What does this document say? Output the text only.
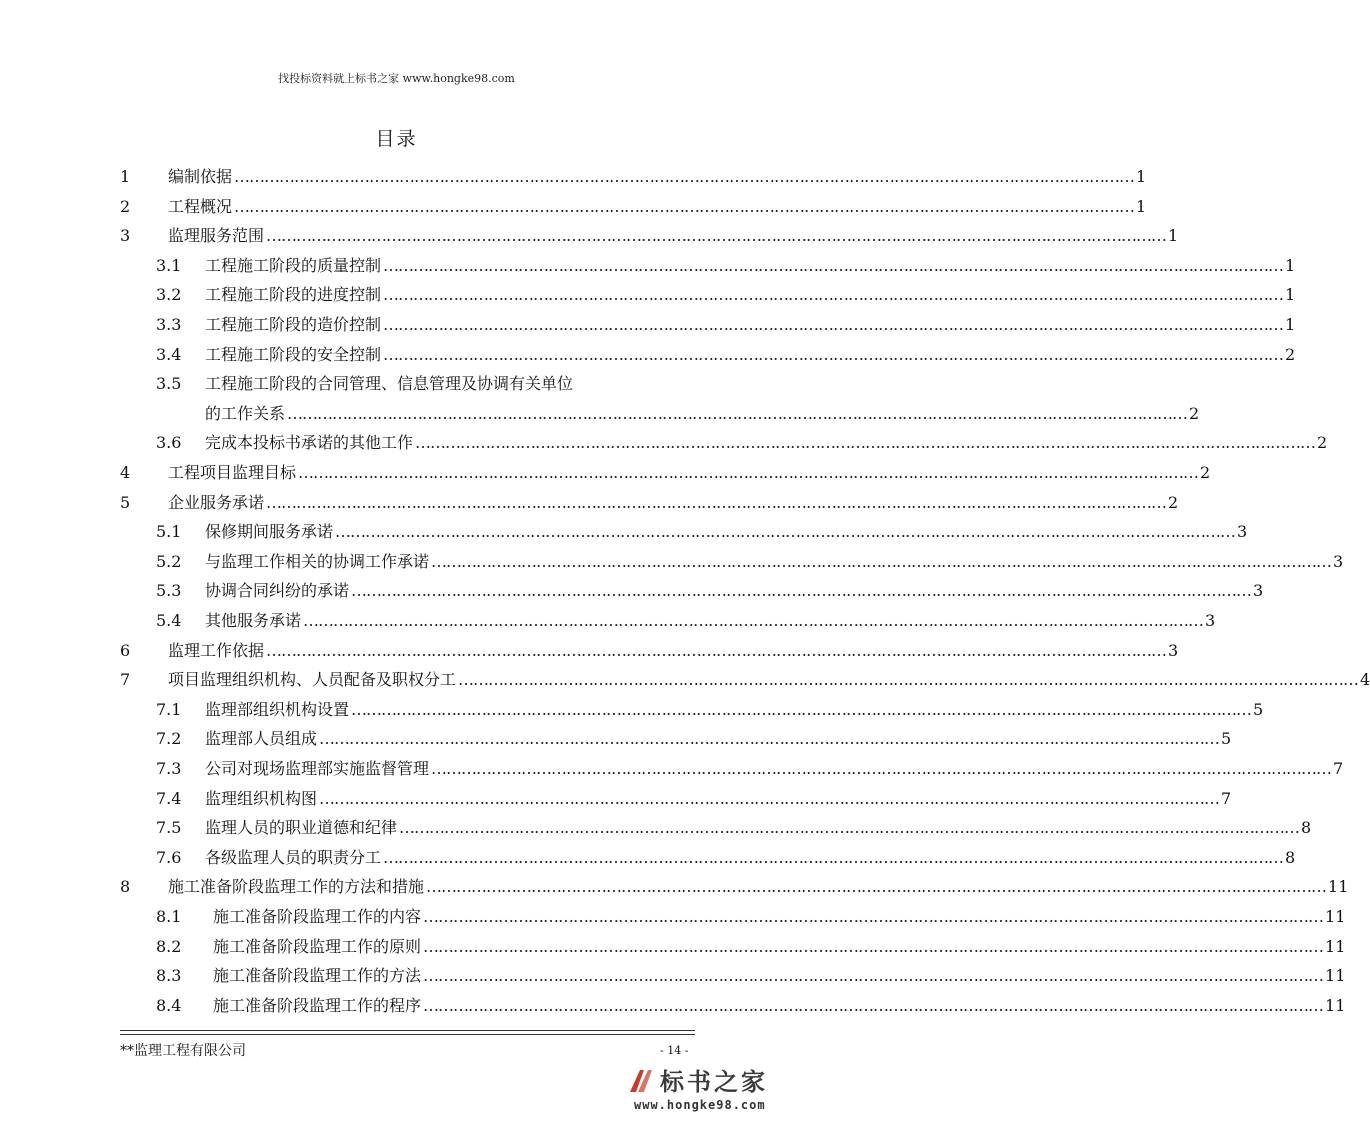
找投标资料就上标书之家 www.hongke98.com
目录
1 编制依据 ……………………………………………………………………………………………………………………………………………………………… 1
2 工程概况 ……………………………………………………………………………………………………………………………………………………………… 1
3 监理服务范围 ……………………………………………………………………………………………………………………………………………………………… 1
3.1 工程施工阶段的质量控制 ……………………………………………………………………………………………………………………………………………………………… 1
3.2 工程施工阶段的进度控制 ……………………………………………………………………………………………………………………………………………………………… 1
3.3 工程施工阶段的造价控制 ……………………………………………………………………………………………………………………………………………………………… 1
3.4 工程施工阶段的安全控制 ……………………………………………………………………………………………………………………………………………………………… 2
3.5 工程施工阶段的合同管理、信息管理及协调有关单位
的工作关系 ……………………………………………………………………………………………………………………………………………………………… 2
3.6 完成本投标书承诺的其他工作 ……………………………………………………………………………………………………………………………………………………………… 2
4 工程项目监理目标 ……………………………………………………………………………………………………………………………………………………………… 2
5 企业服务承诺 ……………………………………………………………………………………………………………………………………………………………… 2
5.1 保修期间服务承诺 ……………………………………………………………………………………………………………………………………………………………… 3
5.2 与监理工作相关的协调工作承诺 ……………………………………………………………………………………………………………………………………………………………… 3
5.3 协调合同纠纷的承诺 ……………………………………………………………………………………………………………………………………………………………… 3
5.4 其他服务承诺 ……………………………………………………………………………………………………………………………………………………………… 3
6 监理工作依据 ……………………………………………………………………………………………………………………………………………………………… 3
7 项目监理组织机构、人员配备及职权分工 ……………………………………………………………………………………………………………………………………………………………… 4
7.1 监理部组织机构设置 ……………………………………………………………………………………………………………………………………………………………… 5
7.2 监理部人员组成 ……………………………………………………………………………………………………………………………………………………………… 5
7.3 公司对现场监理部实施监督管理 ……………………………………………………………………………………………………………………………………………………………… 7
7.4 监理组织机构图 ……………………………………………………………………………………………………………………………………………………………… 7
7.5 监理人员的职业道德和纪律 ……………………………………………………………………………………………………………………………………………………………… 8
7.6 各级监理人员的职责分工 ……………………………………………………………………………………………………………………………………………………………… 8
8 施工准备阶段监理工作的方法和措施 ……………………………………………………………………………………………………………………………………………………………… 11
8.1 施工准备阶段监理工作的内容 ……………………………………………………………………………………………………………………………………………………………… 11
8.2 施工准备阶段监理工作的原则 ……………………………………………………………………………………………………………………………………………………………… 11
8.3 施工准备阶段监理工作的方法 ……………………………………………………………………………………………………………………………………………………………… 11
8.4 施工准备阶段监理工作的程序 ……………………………………………………………………………………………………………………………………………………………… 11
**监理工程有限公司	- 14 -
标书之家
www.hongke98.com
